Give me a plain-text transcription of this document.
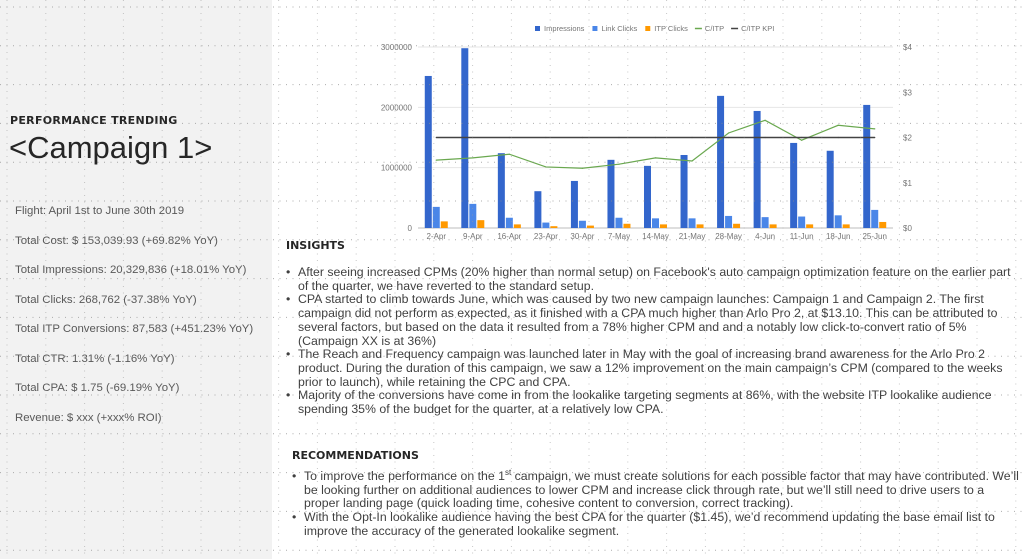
PERFORMANCE TRENDING
<Campaign 1>
Flight: April 1st to June 30th 2019
Total Cost: $ 153,039.93 (+69.82% YoY)
Total Impressions: 20,329,836 (+18.01% YoY)
Total Clicks: 268,762 (-37.38% YoY)
Total ITP Conversions: 87,583 (+451.23% YoY)
Total CTR: 1.31% (-1.16% YoY)
Total CPA: $ 1.75 (-69.19% YoY)
Revenue: $ xxx (+xxx% ROI)
0
1000000
2000000
3000000
$0
$1
$2
$3
$4
2-Apr 9-Apr 16-Apr 23-Apr 30-Apr 7-May 14-May 21-May 28-May 4-Jun 11-Jun 18-Jun 25-Jun
Impressions Link Clicks ITP Clicks C/ITP C/ITP KPI
INSIGHTS
• After seeing increased CPMs (20% higher than normal setup) on Facebook's auto campaign optimization feature on the earlier part of the quarter, we have reverted to the standard setup.
• CPA started to climb towards June, which was caused by two new campaign launches: Campaign 1 and Campaign 2. The first campaign did not perform as expected, as it finished with a CPA much higher than Arlo Pro 2, at $13.10. This can be attributed to several factors, but based on the data it resulted from a 78% higher CPM and and a notably low click-to-convert ratio of 5% (Campaign XX is at 36%)
• The Reach and Frequency campaign was launched later in May with the goal of increasing brand awareness for the Arlo Pro 2 product. During the duration of this campaign, we saw a 12% improvement on the main campaign’s CPM (compared to the weeks prior to launch), while retaining the CPC and CPA.
• Majority of the conversions have come in from the lookalike targeting segments at 86%, with the website ITP lookalike audience spending 35% of the budget for the quarter, at a relatively low CPA.
RECOMMENDATIONS
• To improve the performance on the 1st campaign, we must create solutions for each possible factor that may have contributed. We’ll be looking further on additional audiences to lower CPM and increase click through rate, but we’ll still need to drive users to a proper landing page (quick loading time, cohesive content to conversion, correct tracking).
• With the Opt-In lookalike audience having the best CPA for the quarter ($1.45), we’d recommend updating the base email list to improve the accuracy of the generated lookalike segment.
